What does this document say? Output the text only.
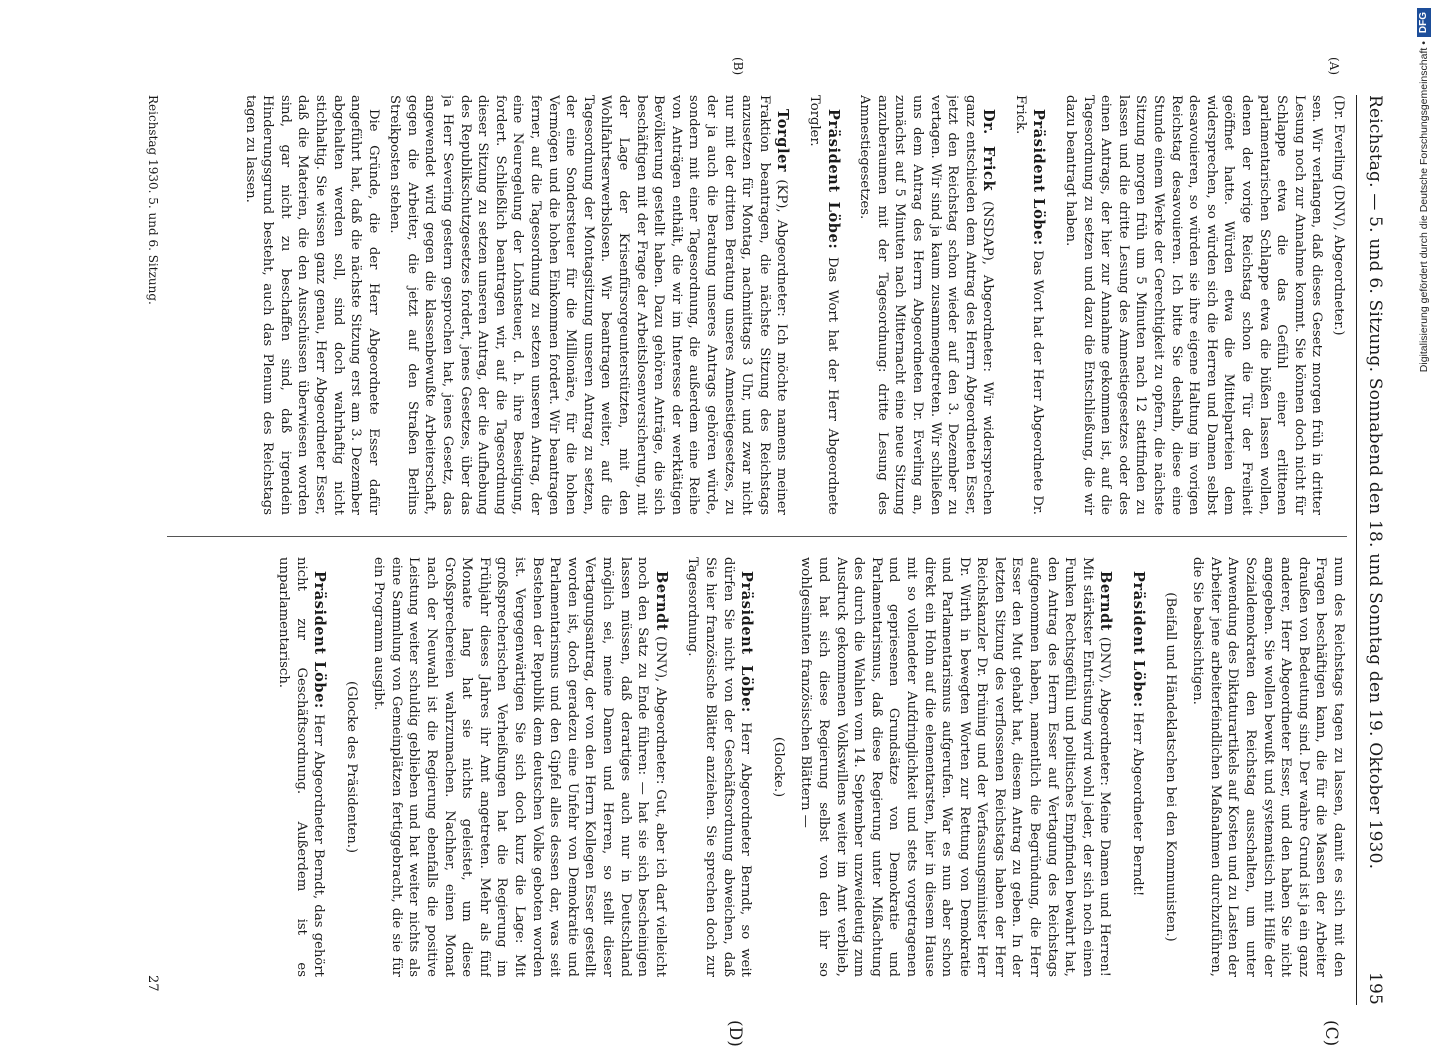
Reichstag. — 5. und 6. Sitzung. Sonnabend den 18. und Sonntag den 19. Oktober 1930.
195
(A)
(B)
(C)
(D)

(Dr. Everling (DNV), Abgeordneter.)

sen. Wir verlangen, daß dieses Gesetz morgen früh in dritter Lesung noch zur Annahme kommt. Sie können doch nicht für Schlappe etwa die das Gefühl einer erlittenen parlamentarischen Schlappe etwa die büßen lassen wollen, denen der vorige Reichstag schon die Tür der Freiheit geöffnet hatte. Würden etwa die Mittelparteien dem widersprechen, so würden sich die Herren und Damen selbst desavouieren, so würden sie ihre eigene Haltung im vorigen Reichstag desavouieren. Ich bitte Sie deshalb, diese eine Stunde einem Werke der Gerechtigkeit zu opfern, die nächste Sitzung morgen früh um 5 Minuten nach 12 stattfinden zu lassen und die dritte Lesung des Amnestiegesetzes oder des einen Antrags, der hier zur Annahme gekommen ist, auf die Tagesordnung zu setzen und dazu die Entschließung, die wir dazu beantragt haben.

Präsident Löbe: Das Wort hat der Herr Abgeordnete Dr. Frick.

Dr. Frick (NSDAP), Abgeordneter: Wir widersprechen ganz entschieden dem Antrag des Herrn Abgeordneten Esser, jetzt den Reichstag schon wieder auf den 3. Dezember zu vertagen. Wir sind ja kaum zusammengetreten. Wir schließen uns dem Antrag des Herrn Abgeordneten Dr. Everling an, zunächst auf 5 Minuten nach Mitternacht eine neue Sitzung anzuberaumen mit der Tagesordnung: dritte Lesung des Amnestiegesetzes.

Präsident Löbe: Das Wort hat der Herr Abgeordnete Torgler.

Torgler (KP), Abgeordneter: Ich möchte namens meiner Fraktion beantragen, die nächste Sitzung des Reichstags anzusetzen für Montag, nachmittags 3 Uhr, und zwar nicht nur mit der dritten Beratung unseres Amnestiegesetzes, zu der ja auch die Beratung unseres Antrags gehören würde, sondern mit einer Tagesordnung, die außerdem eine Reihe von Anträgen enthält, die wir im Interesse der werktätigen Bevölkerung gestellt haben. Dazu gehören Anträge, die sich beschäftigen mit der Frage der Arbeitslosenversicherung, mit der Lage der Krisenfürsorgeunterstützten, mit den Wohlfahrtserwerbslosen. Wir beantragen weiter, auf die Tagesordnung der Montagsitzung unseren Antrag zu setzen, der eine Sondersteuer für die Millionäre, für die hohen Vermögen und die hohen Einkommen fordert. Wir beantragen ferner, auf die Tagesordnung zu setzen unseren Antrag, der eine Neuregelung der Lohnsteuer, d. h. ihre Beseitigung, fordert. Schließlich beantragen wir, auf die Tagesordnung dieser Sitzung zu setzen unseren Antrag, der die Aufhebung des Republikschutzgesetzes fordert, jenes Gesetzes, über das ja Herr Severing gestern gesprochen hat, jenes Gesetz, das angewendet wird gegen die klassenbewußte Arbeiterschaft, gegen die Arbeiter, die jetzt auf den Straßen Berlins Streikposten stehen.

Die Gründe, die der Herr Abgeordnete Esser dafür angeführt hat, daß die nächste Sitzung erst am 3. Dezember abgehalten werden soll, sind doch wahrhaftig nicht stichhaltig. Sie wissen ganz genau, Herr Abgeordneter Esser, daß die Materien, die den Ausschüssen überwiesen worden sind, gar nicht zu beschaffen sind, daß irgendein Hinderungsgrund besteht, auch das Plenum des Reichstags tagen zu lassen.

num des Reichstags tagen zu lassen, damit es sich mit den Fragen beschäftigen kann, die für die Massen der Arbeiter draußen von Bedeutung sind. Der wahre Grund ist ja ein ganz anderer, Herr Abgeordneter Esser, und den haben Sie nicht angegeben. Sie wollen bewußt und systematisch mit Hilfe der Sozialdemokraten den Reichstag ausschalten, um unter Anwendung des Diktaturartikels auf Kosten und zu Lasten der Arbeiter jene arbeiterfeindlichen Maßnahmen durchzuführen, die Sie beabsichtigen.

(Beifall und Händeklatschen bei den Kommunisten.)

Präsident Löbe: Herr Abgeordneter Berndt!

Berndt (DNV), Abgeordneter: Meine Damen und Herren! Mit stärkster Entrüstung wird wohl jeder, der sich noch einen Funken Rechtsgefühl und politisches Empfinden bewahrt hat, den Antrag des Herrn Esser auf Vertagung des Reichstags aufgenommen haben, namentlich die Begründung, die Herr Esser den Mut gehabt hat, diesem Antrag zu geben. In der letzten Sitzung des verflossenen Reichstags haben der Herr Reichskanzler Dr. Brüning und der Verfassungsminister Herr Dr. Wirth in bewegten Worten zur Rettung von Demokratie und Parlamentarismus aufgerufen. War es nun aber schon direkt ein Hohn auf die elementarsten, hier in diesem Hause mit so vollendeter Aufdringlichkeit und stets vorgetragenen und gepriesenen Grundsätze von Demokratie und Parlamentarismus, daß diese Regierung unter Mißachtung des durch die Wahlen vom 14. September unzweideutig zum Ausdruck gekommenen Volkswillens weiter im Amt verblieb, und hat sich diese Regierung selbst von den ihr so wohlgesinnten französischen Blättern —

(Glocke.)

Präsident Löbe: Herr Abgeordneter Berndt, so weit dürfen Sie nicht von der Geschäftsordnung abweichen, daß Sie hier französische Blätter anziehen. Sie sprechen doch zur Tagesordnung.

Berndt (DNV), Abgeordneter: Gut, aber ich darf vielleicht noch den Satz zu Ende führen: — hat sie sich bescheinigen lassen müssen, daß derartiges auch nur in Deutschland möglich sei, meine Damen und Herren, so stellt dieser Vertagungsantrag, der von den Herrn Kollegen Esser gestellt worden ist, doch geradezu eine Unfehr von Demokratie und Parlamentarismus und den Gipfel alles dessen dar, was seit Bestehen der Republik dem deutschen Volke geboten worden ist. Vergegenwärtigen Sie sich doch kurz die Lage: Mit großsprecherischen Verheißungen hat die Regierung im Frühjahr dieses Jahres ihr Amt angetreten. Mehr als fünf Monate lang hat sie nichts geleistet, um diese Großsprechereien wahrzumachen. Nachher, einen Monat nach der Neuwahl ist die Regierung ebenfalls die positive Leistung weiter schuldig geblieben und hat weiter nichts als eine Sammlung von Gemeinplätzen fertiggebracht, die sie für ein Programm ausgibt.

(Glocke des Präsidenten.)

Präsident Löbe: Herr Abgeordneter Berndt, das gehört nicht zur Geschäftsordnung. Außerdem ist es unparlamentarisch.

Reichstag 1930. 5. und 6. Sitzung.
27
Digitalisierung gefördert durch die Deutsche Forschungsgemeinschaft •
DFG
